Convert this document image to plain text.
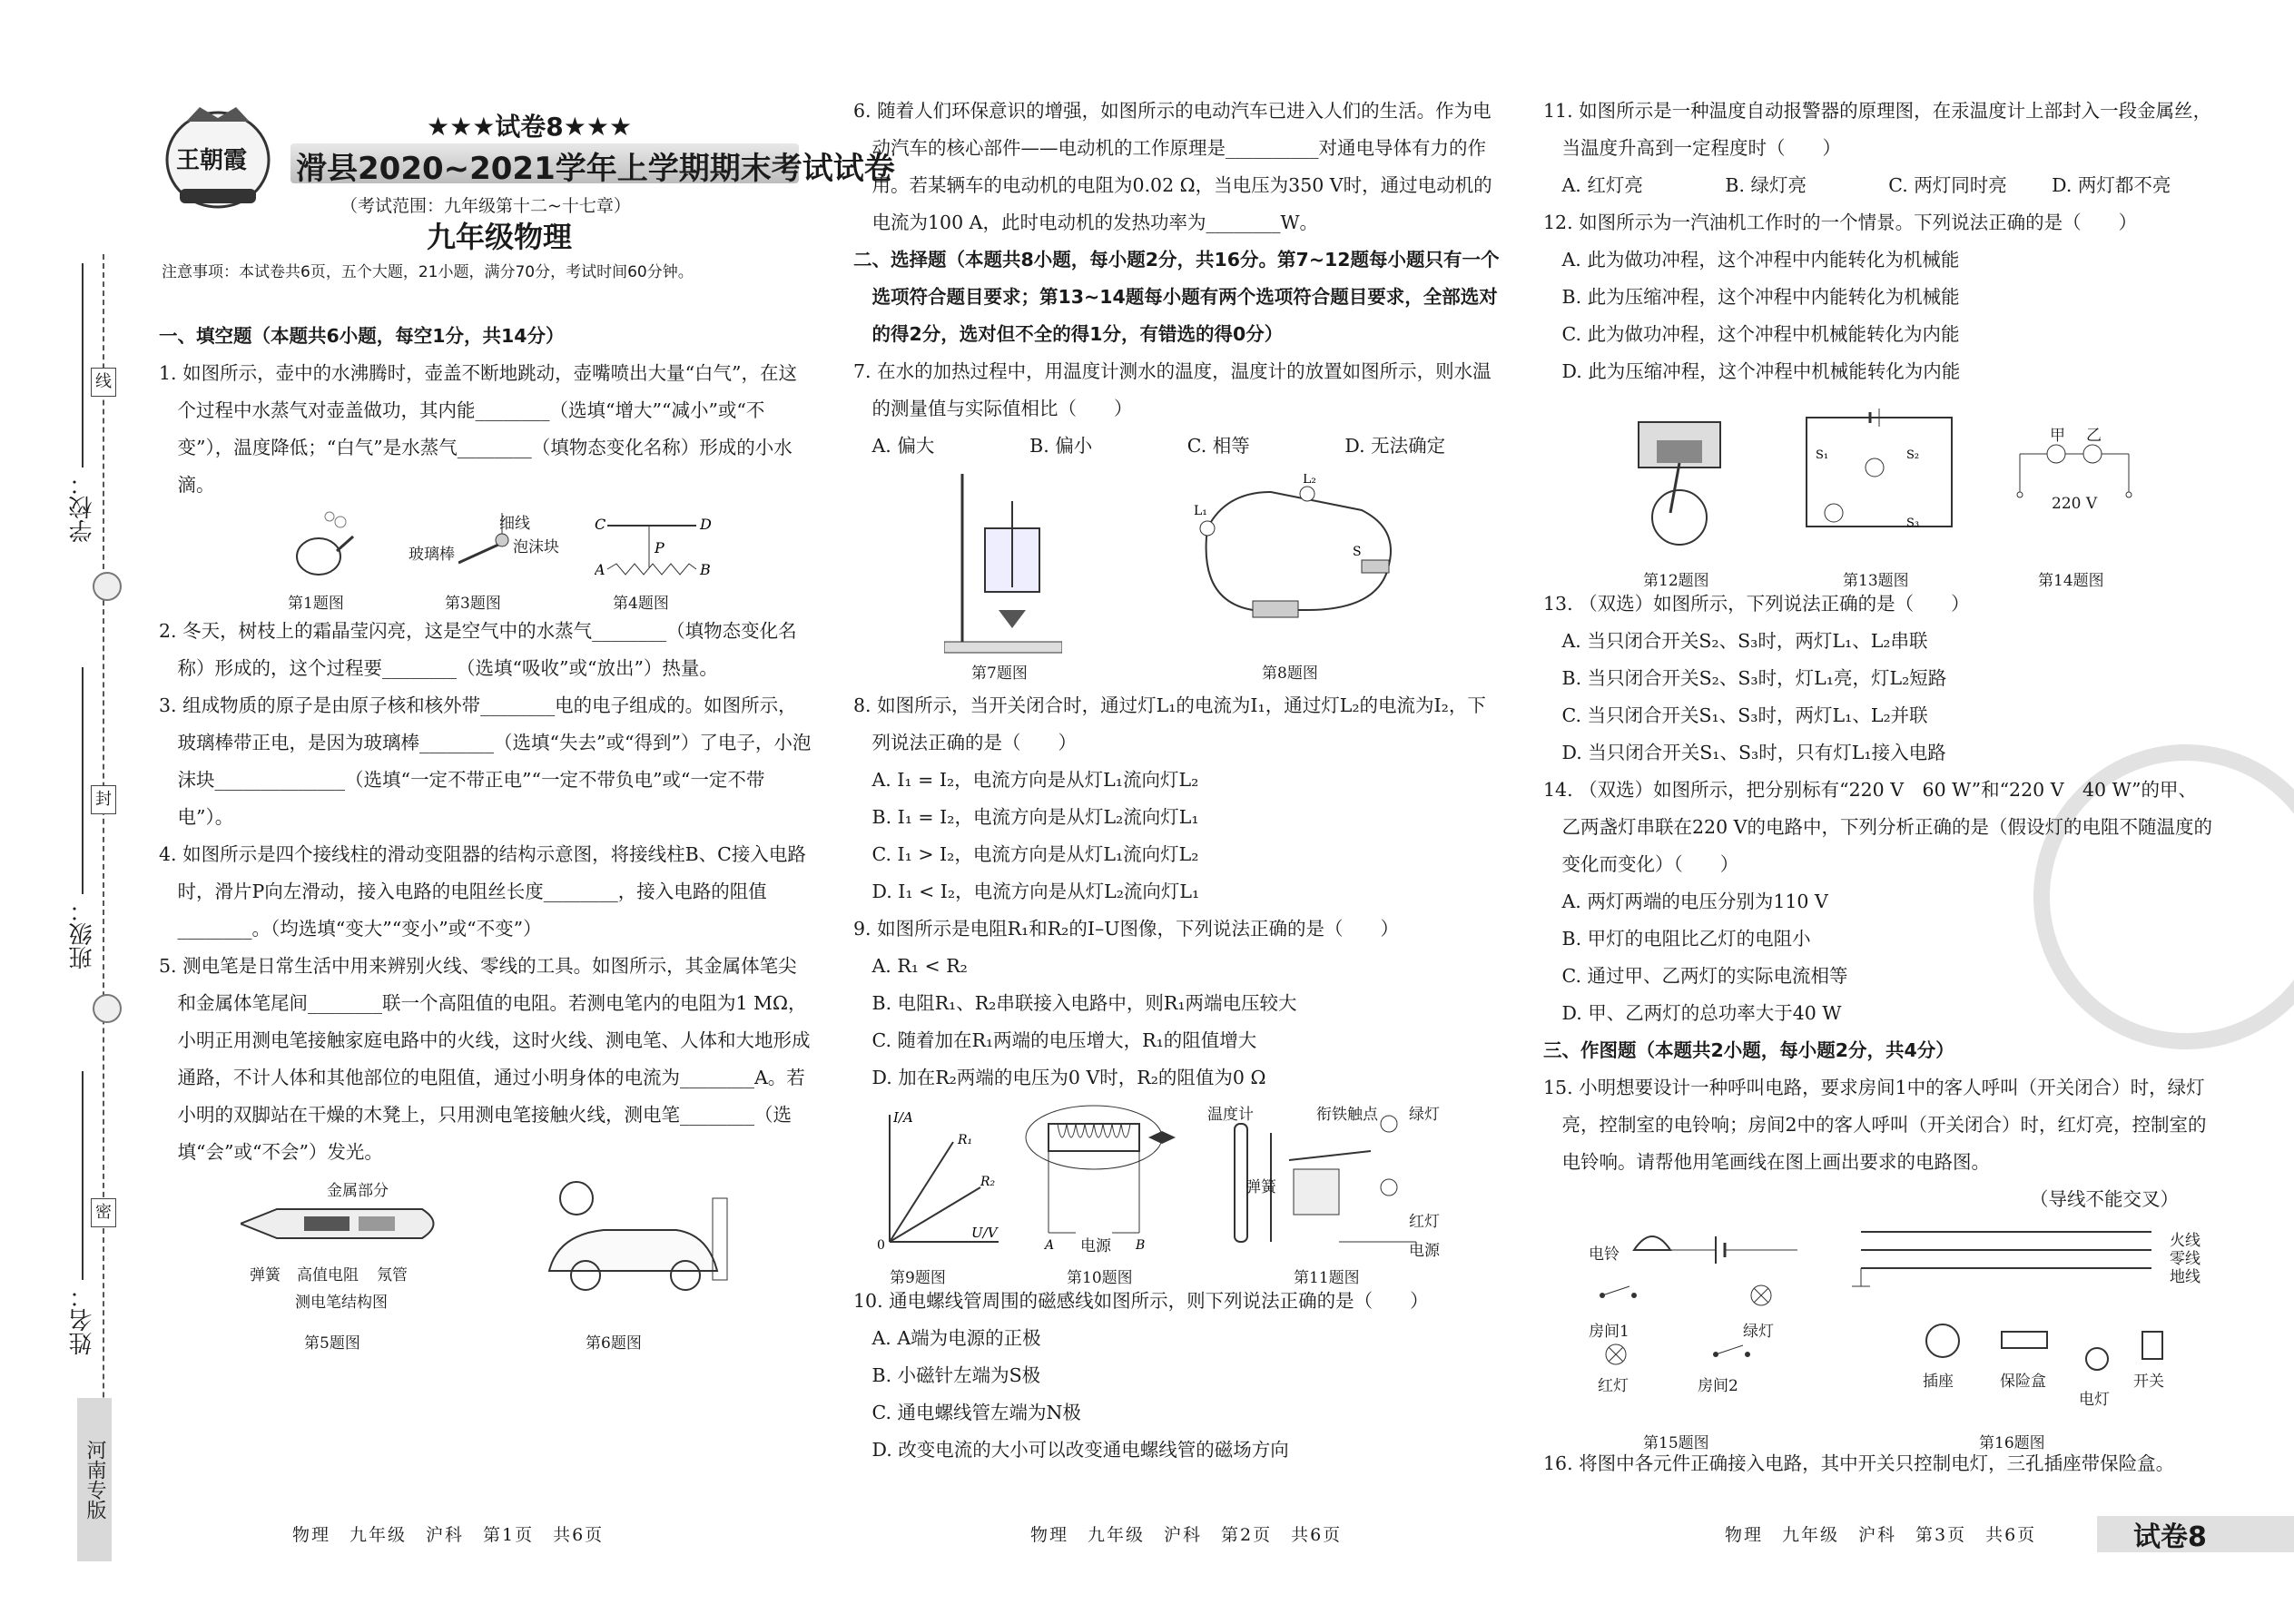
线
封
密
学校：
班级：
姓名：
河南专版
王朝霞
★★★试卷8★★★
滑县2020~2021学年上学期期末考试试卷
（考试范围：九年级第十二~十七章）
九年级物理
注意事项：本试卷共6页，五个大题，21小题，满分70分，考试时间60分钟。

一、填空题（本题共6小题，每空1分，共14分）

1. 如图所示，壶中的水沸腾时，壶盖不断地跳动，壶嘴喷出大量“白气”，在这个过程中水蒸气对壶盖做功，其内能________（选填“增大”“减小”或“不变”），温度降低；“白气”是水蒸气________（填物态变化名称）形成的小水滴。

第1题图
细线
玻璃棒	泡沫块
第3题图
C	D
P
A	B
第4题图

2. 冬天，树枝上的霜晶莹闪亮，这是空气中的水蒸气________（填物态变化名称）形成的，这个过程要________（选填“吸收”或“放出”）热量。

3. 组成物质的原子是由原子核和核外带________电的电子组成的。如图所示，玻璃棒带正电，是因为玻璃棒________（选填“失去”或“得到”）了电子，小泡沫块______________（选填“一定不带正电”“一定不带负电”或“一定不带电”）。

4. 如图所示是四个接线柱的滑动变阻器的结构示意图，将接线柱B、C接入电路时，滑片P向左滑动，接入电路的电阻丝长度________，接入电路的阻值________。（均选填“变大”“变小”或“不变”）

5. 测电笔是日常生活中用来辨别火线、零线的工具。如图所示，其金属体笔尖和金属体笔尾间________联一个高阻值的电阻。若测电笔内的电阻为1 MΩ，小明正用测电笔接触家庭电路中的火线，这时火线、测电笔、人体和大地形成通路，不计人体和其他部位的电阻值，通过小明身体的电流为________A。若小明的双脚站在干燥的木凳上，只用测电笔接触火线，测电笔________（选填“会”或“不会”）发光。

金属部分
弹簧 高值电阻 氖管
测电笔结构图
第5题图	第6题图
物理　九年级　沪科　第1页　共6页

6. 随着人们环保意识的增强，如图所示的电动汽车已进入人们的生活。作为电动汽车的核心部件——电动机的工作原理是__________对通电导体有力的作用。若某辆车的电动机的电阻为0.02 Ω，当电压为350 V时，通过电动机的电流为100 A，此时电动机的发热功率为________W。

二、选择题（本题共8小题，每小题2分，共16分。第7~12题每小题只有一个选项符合题目要求；第13~14题每小题有两个选项符合题目要求，全部选对的得2分，选对但不全的得1分，有错选的得0分）

7. 在水的加热过程中，用温度计测水的温度，温度计的放置如图所示，则水温的测量值与实际值相比（　　）

A. 偏大	B. 偏小	C. 相等	D. 无法确定
第7题图
L₁
L₂
S
第8题图

8. 如图所示，当开关闭合时，通过灯L₁的电流为I₁，通过灯L₂的电流为I₂，下列说法正确的是（　　）

A. I₁ = I₂，电流方向是从灯L₁流向灯L₂

B. I₁ = I₂，电流方向是从灯L₂流向灯L₁

C. I₁ > I₂，电流方向是从灯L₁流向灯L₂

D. I₁ < I₂，电流方向是从灯L₂流向灯L₁

9. 如图所示是电阻R₁和R₂的I–U图像，下列说法正确的是（　　）

A. R₁ < R₂

B. 电阻R₁、R₂串联接入电路中，则R₁两端电压较大

C. 随着加在R₁两端的电压增大，R₁的阻值增大

D. 加在R₂两端的电压为0 V时，R₂的阻值为0 Ω

I/A
R₁
R₂
U/V
0
第9题图
A	B
电源
第10题图
温度计
弹簧
衔铁触点 绿灯
红灯
电源
第11题图

10. 通电螺线管周围的磁感线如图所示，则下列说法正确的是（　　）

A. A端为电源的正极

B. 小磁针左端为S极

C. 通电螺线管左端为N极

D. 改变电流的大小可以改变通电螺线管的磁场方向

物理　九年级　沪科　第2页　共6页

11. 如图所示是一种温度自动报警器的原理图，在汞温度计上部封入一段金属丝，当温度升高到一定程度时（　　）

A. 红灯亮	B. 绿灯亮	C. 两灯同时亮	D. 两灯都不亮

12. 如图所示为一汽油机工作时的一个情景。下列说法正确的是（　　）

A. 此为做功冲程，这个冲程中内能转化为机械能

B. 此为压缩冲程，这个冲程中内能转化为机械能

C. 此为做功冲程，这个冲程中机械能转化为内能

D. 此为压缩冲程，这个冲程中机械能转化为内能

第12题图
S₁	S₂
S₃
第13题图
甲 乙
220 V
第14题图

13. （双选）如图所示，下列说法正确的是（　　）

A. 当只闭合开关S₂、S₃时，两灯L₁、L₂串联

B. 当只闭合开关S₂、S₃时，灯L₁亮，灯L₂短路

C. 当只闭合开关S₁、S₃时，两灯L₁、L₂并联

D. 当只闭合开关S₁、S₃时，只有灯L₁接入电路

14. （双选）如图所示，把分别标有“220 V　60 W”和“220 V　40 W”的甲、乙两盏灯串联在220 V的电路中，下列分析正确的是（假设灯的电阻不随温度的变化而变化）（　　）

A. 两灯两端的电压分别为110 V

B. 甲灯的电阻比乙灯的电阻小

C. 通过甲、乙两灯的实际电流相等

D. 甲、乙两灯的总功率大于40 W

三、作图题（本题共2小题，每小题2分，共4分）

15. 小明想要设计一种呼叫电路，要求房间1中的客人呼叫（开关闭合）时，绿灯亮，控制室的电铃响；房间2中的客人呼叫（开关闭合）时，红灯亮，控制室的电铃响。请帮他用笔画线在图上画出要求的电路图。

（导线不能交叉）

电铃
房间1	绿灯
红灯	房间2
第15题图
火线
零线
地线
插座	保险盒
电灯
开关
第16题图

16. 将图中各元件正确接入电路，其中开关只控制电灯，三孔插座带保险盒。

物理　九年级　沪科　第3页　共6页	试卷8
